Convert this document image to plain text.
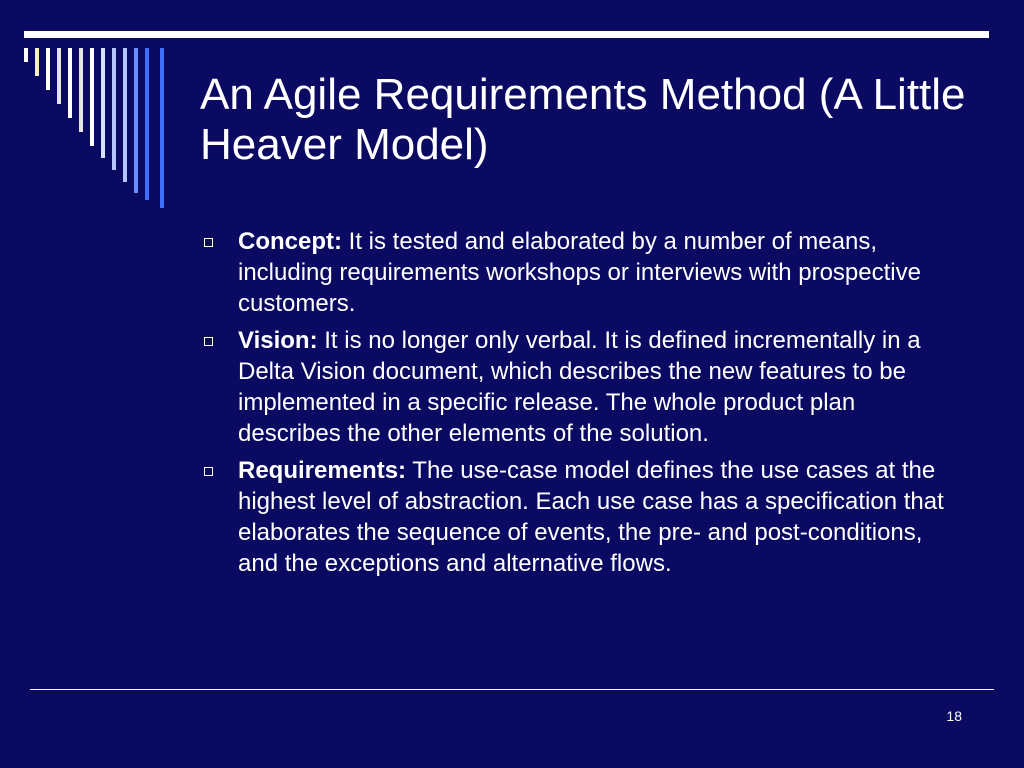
An Agile Requirements Method (A Little Heaver Model)
Concept: It is tested and elaborated by a number of means, including requirements workshops or interviews with prospective customers.
Vision: It is no longer only verbal. It is defined incrementally in a Delta Vision document, which describes the new features to be implemented in a specific release. The whole product plan describes the other elements of the solution.
Requirements: The use-case model defines the use cases at the highest level of abstraction. Each use case has a specification that elaborates the sequence of events, the pre- and post-conditions, and the exceptions and alternative flows.
18
